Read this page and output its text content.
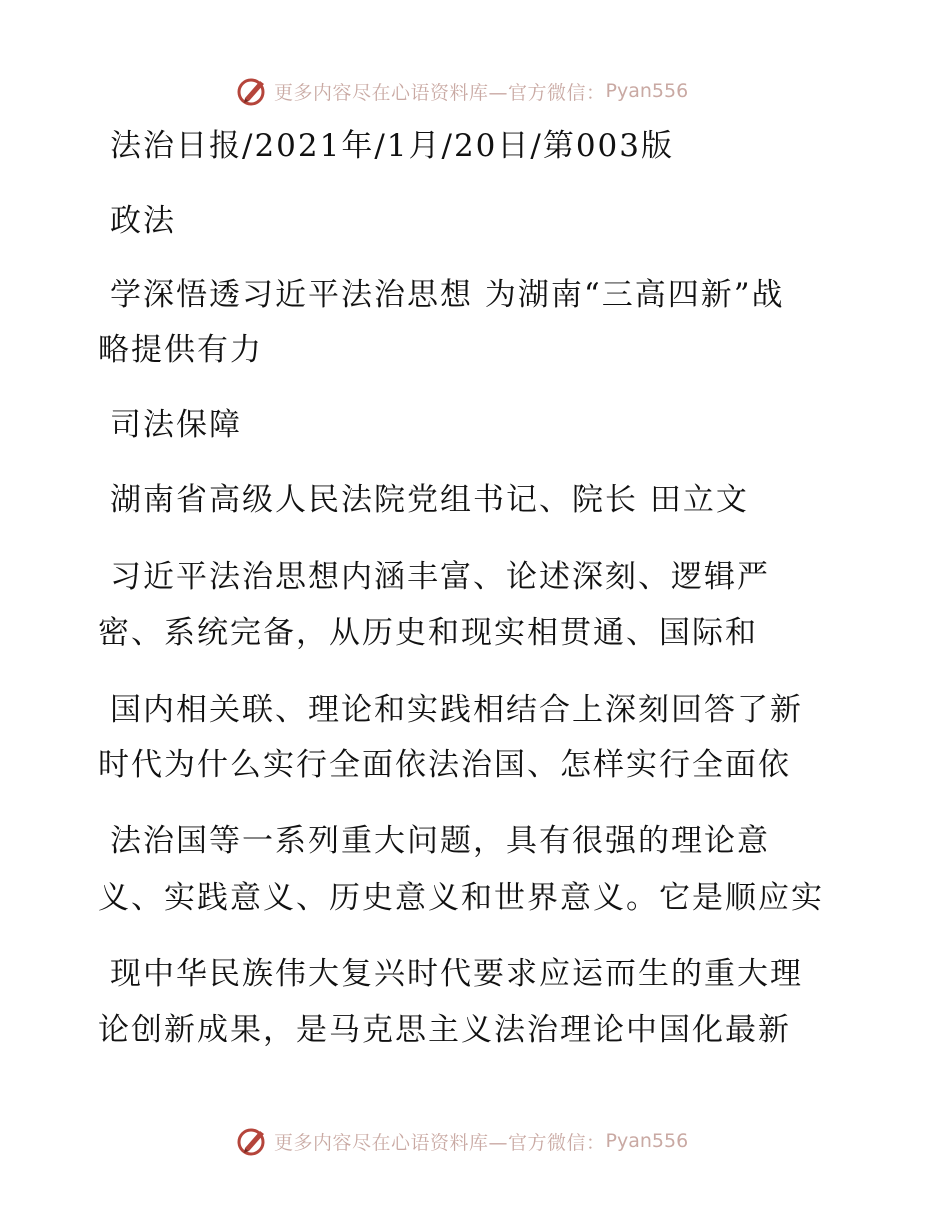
更多内容尽在心语资料库—官方微信： Pyan556
法治日报/2021年/1月/20日/第003版
政法
学深悟透习近平法治思想 为湖南“三高四新”战
略提供有力
司法保障
湖南省高级人民法院党组书记、院长 田立文
习近平法治思想内涵丰富、论述深刻、逻辑严
密、系统完备，从历史和现实相贯通、国际和
国内相关联、理论和实践相结合上深刻回答了新
时代为什么实行全面依法治国、怎样实行全面依
法治国等一系列重大问题，具有很强的理论意
义、实践意义、历史意义和世界意义。它是顺应实
现中华民族伟大复兴时代要求应运而生的重大理
论创新成果，是马克思主义法治理论中国化最新
更多内容尽在心语资料库—官方微信： Pyan556
